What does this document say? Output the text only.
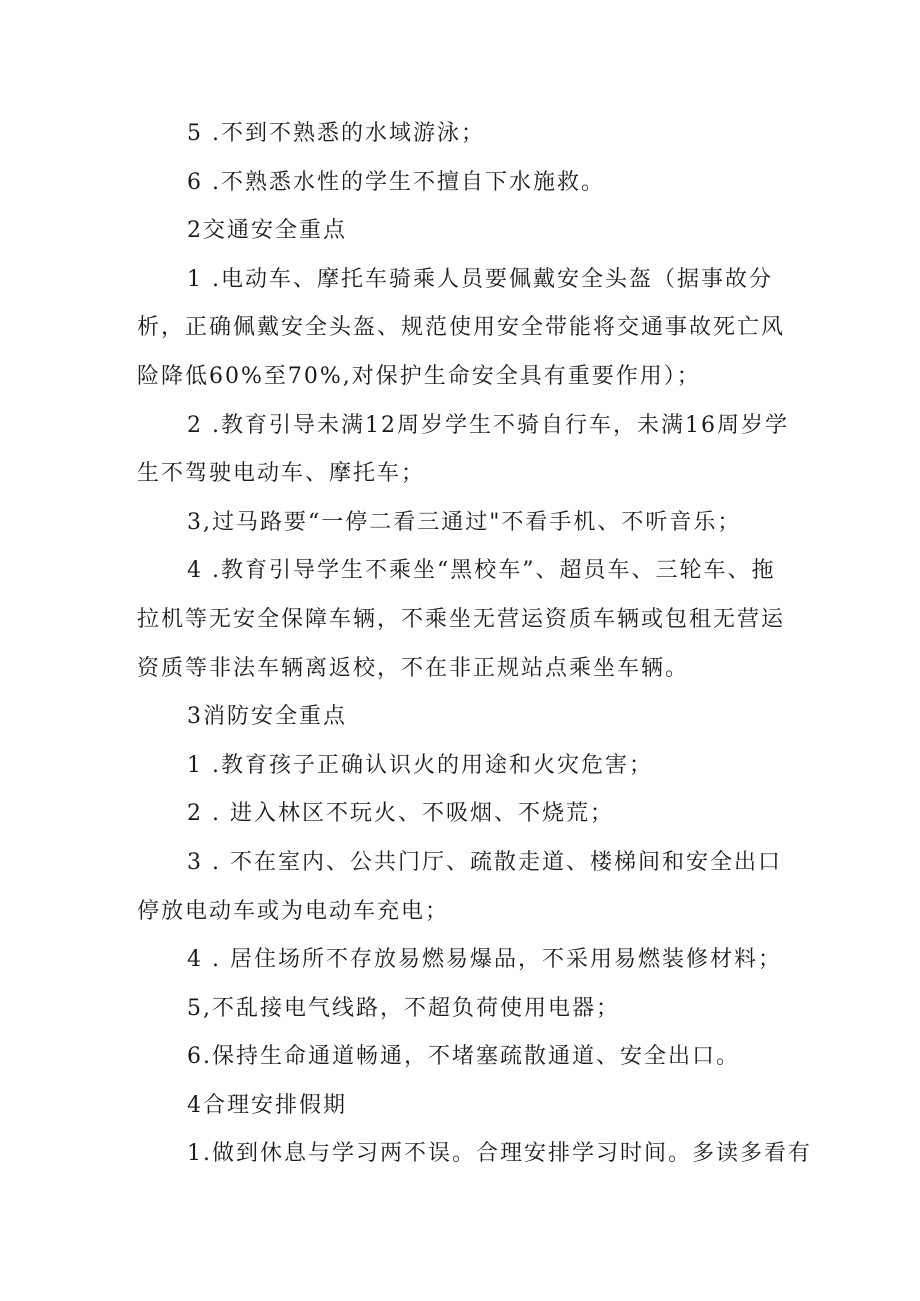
5 .不到不熟悉的水域游泳；

6 .不熟悉水性的学生不擅自下水施救。

2交通安全重点

1 .电动车、摩托车骑乘人员要佩戴安全头盔（据事故分析，正确佩戴安全头盔、规范使用安全带能将交通事故死亡风险降低60%至70%,对保护生命安全具有重要作用）；

2 .教育引导未满12周岁学生不骑自行车，未满16周岁学生不驾驶电动车、摩托车；

3,过马路要“一停二看三通过"不看手机、不听音乐；

4 .教育引导学生不乘坐“黑校车”、超员车、三轮车、拖拉机等无安全保障车辆，不乘坐无营运资质车辆或包租无营运资质等非法车辆离返校，不在非正规站点乘坐车辆。

3消防安全重点

1 .教育孩子正确认识火的用途和火灾危害；

2 . 进入林区不玩火、不吸烟、不烧荒；

3 . 不在室内、公共门厅、疏散走道、楼梯间和安全出口停放电动车或为电动车充电；

4 . 居住场所不存放易燃易爆品，不采用易燃装修材料；

5,不乱接电气线路，不超负荷使用电器；

6.保持生命通道畅通，不堵塞疏散通道、安全出口。

4合理安排假期

1.做到休息与学习两不误。合理安排学习时间。多读多看有
